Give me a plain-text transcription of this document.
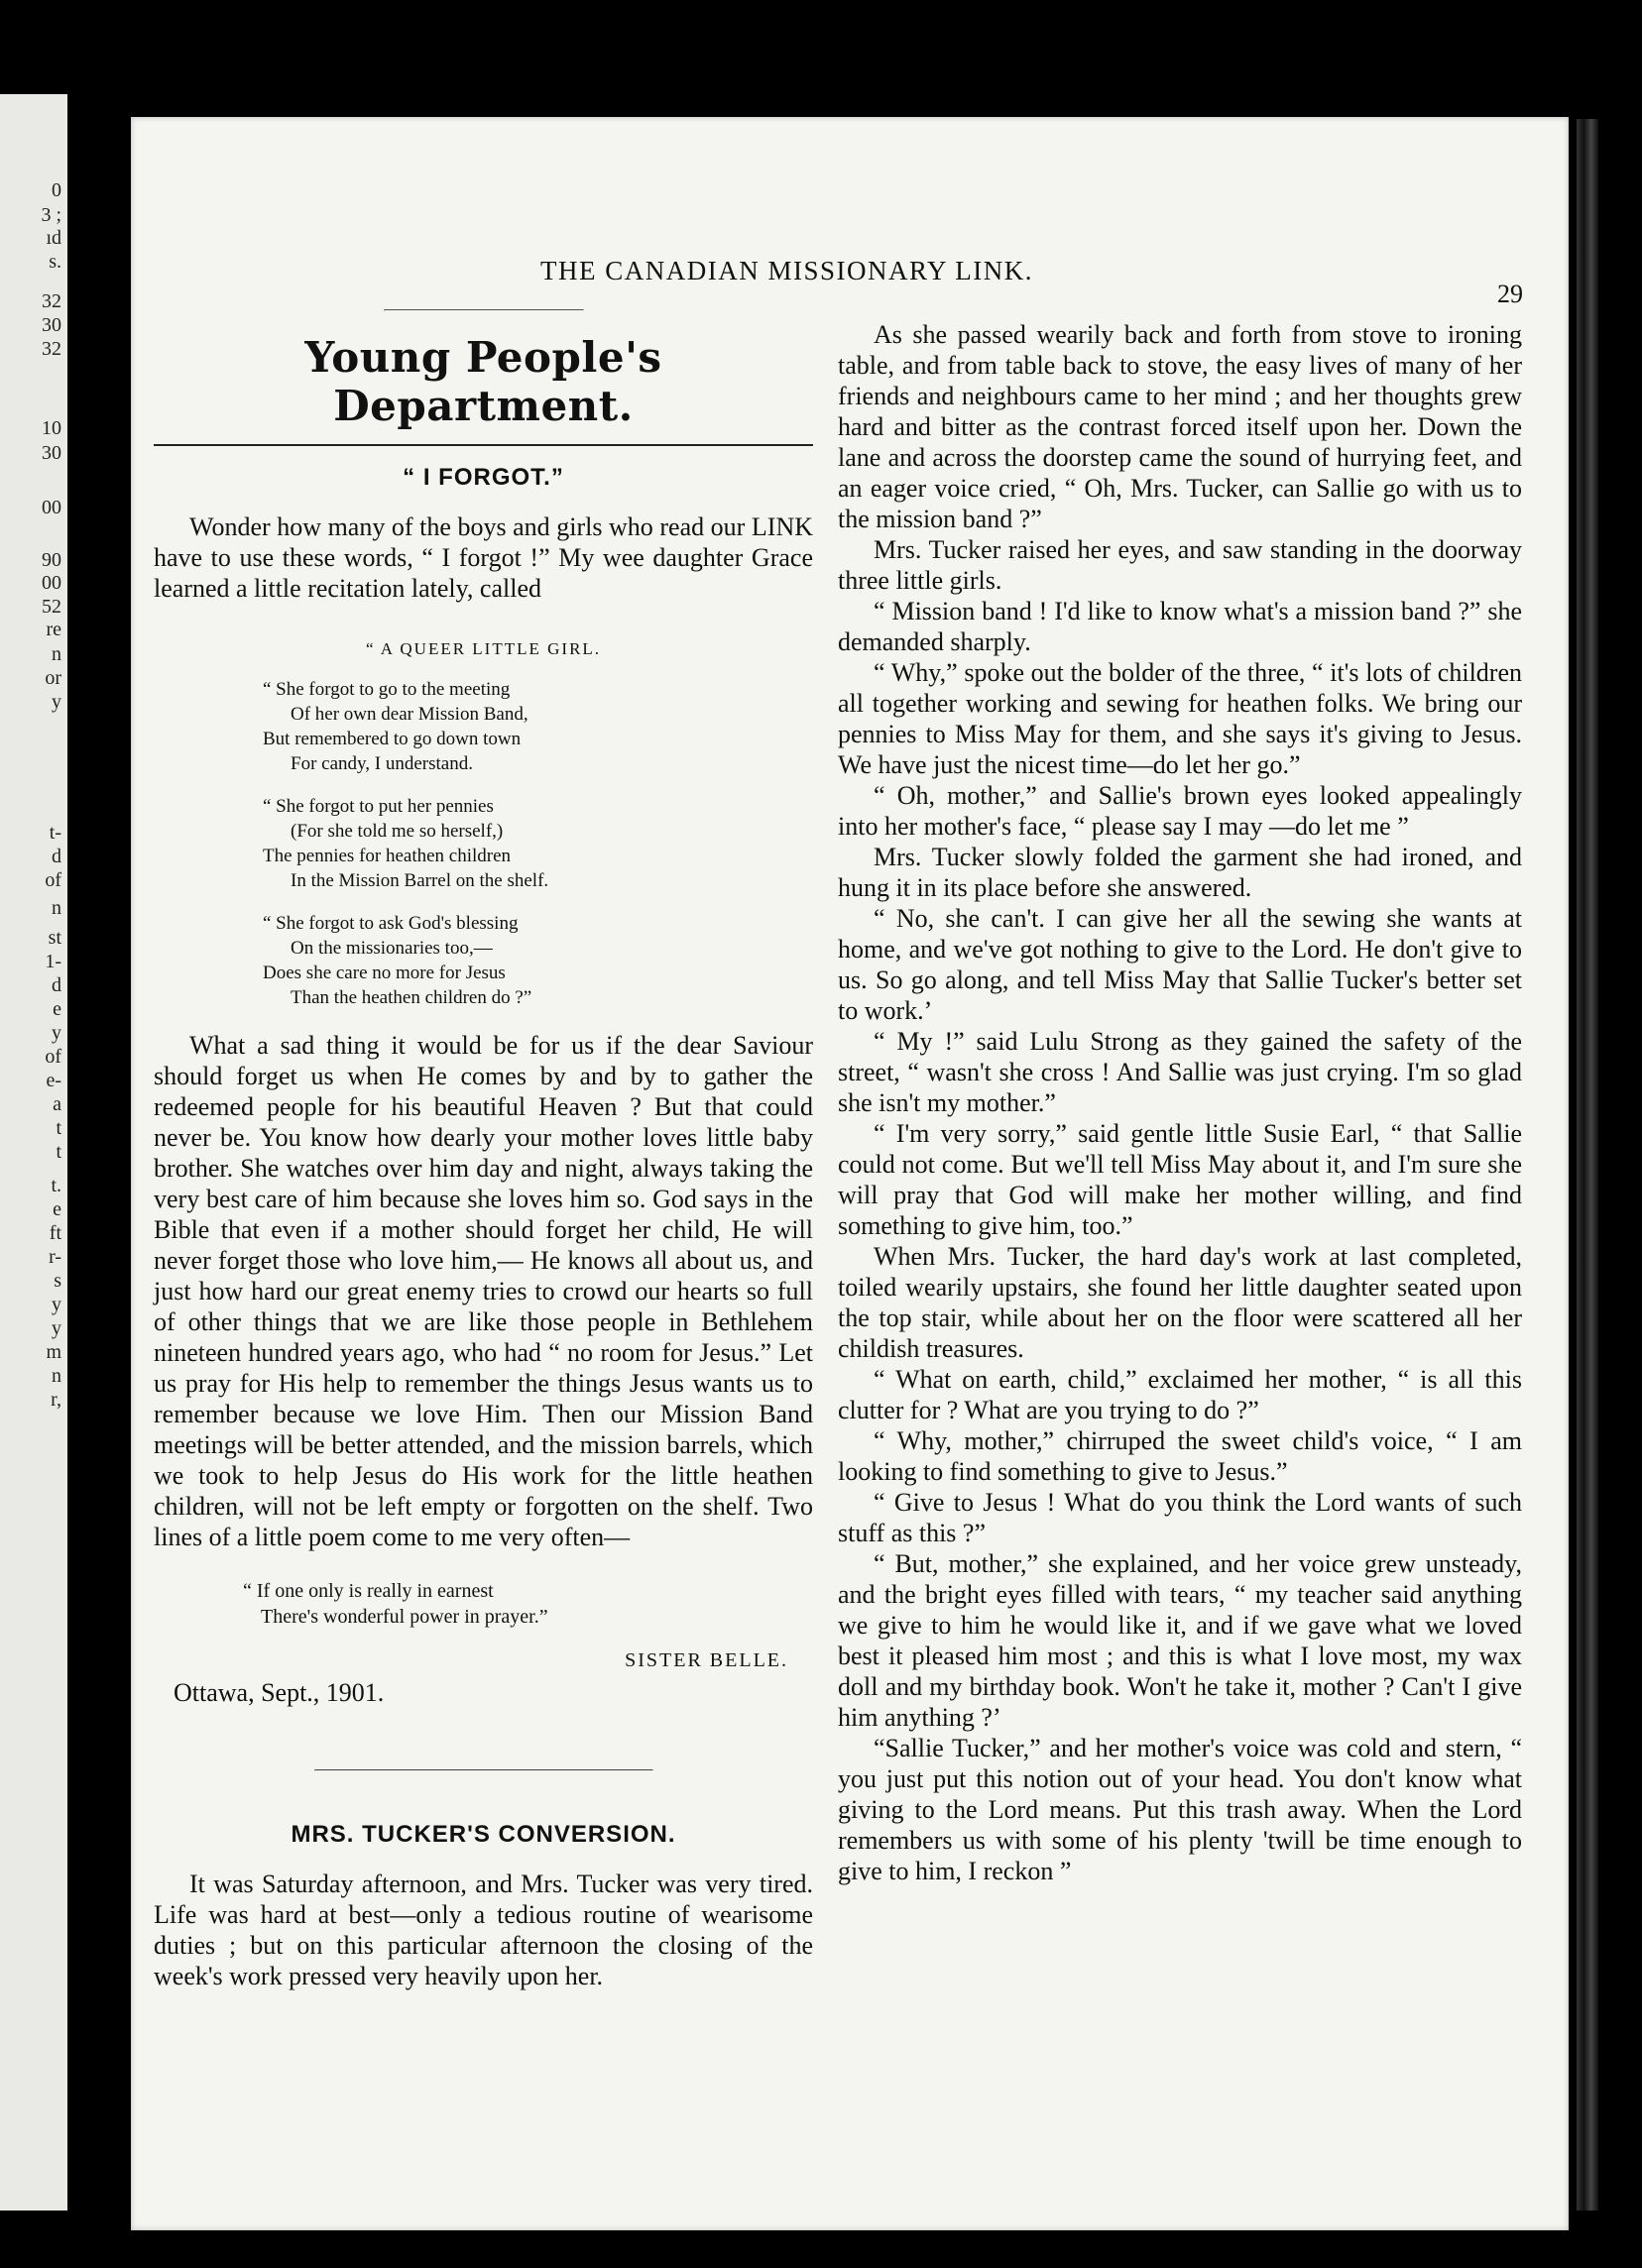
0
3 ;
ıd
s.
32
30
32
10
30
00
90
00
52
re
n
or
y
t-
d
of
n
st
1-
d
e
y
of
e-
a
t
t
t.
e
ft
r-
s
y
y
m
n
r,
THE CANADIAN MISSIONARY LINK.
29
Young People's Department.
“ I FORGOT.”

Wonder how many of the boys and girls who read our LINK have to use these words, “ I forgot !” My wee daughter Grace learned a little recitation lately, called

“ A QUEER LITTLE GIRL.
“ She forgot to go to the meeting
Of her own dear Mission Band,
But remembered to go down town
For candy, I understand.
“ She forgot to put her pennies
(For she told me so herself,)
The pennies for heathen children
In the Mission Barrel on the shelf.
“ She forgot to ask God's blessing
On the missionaries too,—
Does she care no more for Jesus
Than the heathen children do ?”

What a sad thing it would be for us if the dear Saviour should forget us when He comes by and by to gather the redeemed people for his beautiful Heaven ? But that could never be. You know how dearly your mother loves little baby brother. She watches over him day and night, always taking the very best care of him because she loves him so. God says in the Bible that even if a mother should forget her child, He will never forget those who love him,— He knows all about us, and just how hard our great enemy tries to crowd our hearts so full of other things that we are like those people in Bethlehem nineteen hundred years ago, who had “ no room for Jesus.” Let us pray for His help to remember the things Jesus wants us to remember because we love Him. Then our Mission Band meetings will be better attended, and the mission barrels, which we took to help Jesus do His work for the little heathen children, will not be left empty or forgotten on the shelf. Two lines of a little poem come to me very often—

“ If one only is really in earnest
There's wonderful power in prayer.”
SISTER BELLE.
Ottawa, Sept., 1901.
MRS. TUCKER'S CONVERSION.

It was Saturday afternoon, and Mrs. Tucker was very tired. Life was hard at best—only a tedious routine of wearisome duties ; but on this particular afternoon the closing of the week's work pressed very heavily upon her.

As she passed wearily back and forth from stove to ironing table, and from table back to stove, the easy lives of many of her friends and neighbours came to her mind ; and her thoughts grew hard and bitter as the contrast forced itself upon her. Down the lane and across the doorstep came the sound of hurrying feet, and an eager voice cried, “ Oh, Mrs. Tucker, can Sallie go with us to the mission band ?”

Mrs. Tucker raised her eyes, and saw standing in the doorway three little girls.

“ Mission band ! I'd like to know what's a mission band ?” she demanded sharply.

“ Why,” spoke out the bolder of the three, “ it's lots of children all together working and sewing for heathen folks. We bring our pennies to Miss May for them, and she says it's giving to Jesus. We have just the nicest time—do let her go.”

“ Oh, mother,” and Sallie's brown eyes looked appealingly into her mother's face, “ please say I may —do let me ”

Mrs. Tucker slowly folded the garment she had ironed, and hung it in its place before she answered.

“ No, she can't. I can give her all the sewing she wants at home, and we've got nothing to give to the Lord. He don't give to us. So go along, and tell Miss May that Sallie Tucker's better set to work.’

“ My !” said Lulu Strong as they gained the safety of the street, “ wasn't she cross ! And Sallie was just crying. I'm so glad she isn't my mother.”

“ I'm very sorry,” said gentle little Susie Earl, “ that Sallie could not come. But we'll tell Miss May about it, and I'm sure she will pray that God will make her mother willing, and find something to give him, too.”

When Mrs. Tucker, the hard day's work at last completed, toiled wearily upstairs, she found her little daughter seated upon the top stair, while about her on the floor were scattered all her childish treasures.

“ What on earth, child,” exclaimed her mother, “ is all this clutter for ? What are you trying to do ?”

“ Why, mother,” chirruped the sweet child's voice, “ I am looking to find something to give to Jesus.”

“ Give to Jesus ! What do you think the Lord wants of such stuff as this ?”

“ But, mother,” she explained, and her voice grew unsteady, and the bright eyes filled with tears, “ my teacher said anything we give to him he would like it, and if we gave what we loved best it pleased him most ; and this is what I love most, my wax doll and my birthday book. Won't he take it, mother ? Can't I give him anything ?’

“Sallie Tucker,” and her mother's voice was cold and stern, “ you just put this notion out of your head. You don't know what giving to the Lord means. Put this trash away. When the Lord remembers us with some of his plenty 'twill be time enough to give to him, I reckon ”
